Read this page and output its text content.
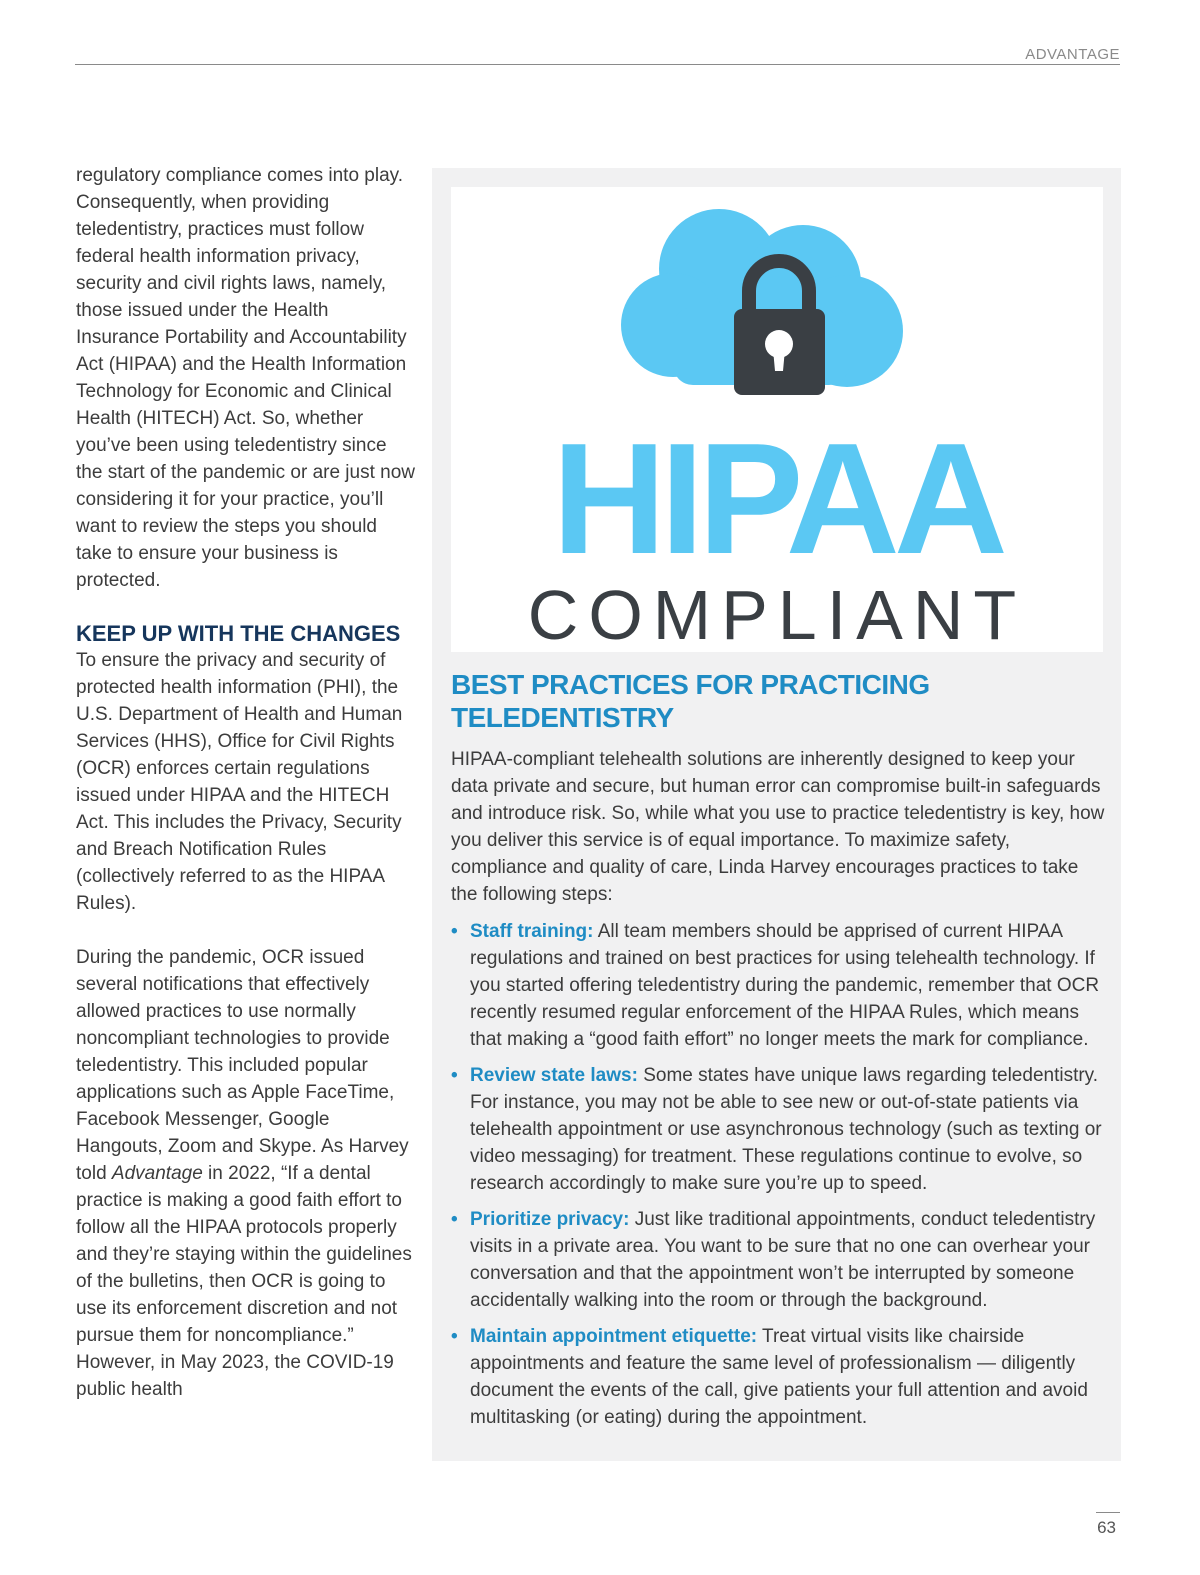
ADVANTAGE

regulatory compliance comes into play. Consequently, when providing teledentistry, practices must follow federal health information privacy, security and civil rights laws, namely, those issued under the Health Insurance Portability and Accountability Act (HIPAA) and the Health Information Technology for Economic and Clinical Health (HITECH) Act. So, whether you’ve been using teledentistry since the start of the pandemic or are just now considering it for your practice, you’ll want to review the steps you should take to ensure your business is protected.

KEEP UP WITH THE CHANGES

To ensure the privacy and security of protected health information (PHI), the U.S. Department of Health and Human Services (HHS), Office for Civil Rights (OCR) enforces certain regulations issued under HIPAA and the HITECH Act. This includes the Privacy, Security and Breach Notification Rules (collectively referred to as the HIPAA Rules).

During the pandemic, OCR issued several notifications that effectively allowed practices to use normally noncompliant technologies to provide teledentistry. This included popular applications such as Apple FaceTime, Facebook Messenger, Google Hangouts, Zoom and Skype. As Harvey told Advantage in 2022, “If a dental practice is making a good faith effort to follow all the HIPAA protocols properly and they’re staying within the guidelines of the bulletins, then OCR is going to use its enforcement discretion and not pursue them for noncompliance.” However, in May 2023, the COVID-19 public health

HIPAA
COMPLIANT
BEST PRACTICES FOR PRACTICING TELEDENTISTRY

HIPAA-compliant telehealth solutions are inherently designed to keep your data private and secure, but human error can compromise built-in safeguards and introduce risk. So, while what you use to practice teledentistry is key, how you deliver this service is of equal importance. To maximize safety, compliance and quality of care, Linda Harvey encourages practices to take the following steps:

• Staff training: All team members should be apprised of current HIPAA regulations and trained on best practices for using telehealth technology. If you started offering teledentistry during the pandemic, remember that OCR recently resumed regular enforcement of the HIPAA Rules, which means that making a “good faith effort” no longer meets the mark for compliance.
• Review state laws: Some states have unique laws regarding teledentistry. For instance, you may not be able to see new or out-of-state patients via telehealth appointment or use asynchronous technology (such as texting or video messaging) for treatment. These regulations continue to evolve, so research accordingly to make sure you’re up to speed.
• Prioritize privacy: Just like traditional appointments, conduct teledentistry visits in a private area. You want to be sure that no one can overhear your conversation and that the appointment won’t be interrupted by someone accidentally walking into the room or through the background.
• Maintain appointment etiquette: Treat virtual visits like chairside appointments and feature the same level of professionalism — diligently document the events of the call, give patients your full attention and avoid multitasking (or eating) during the appointment.
63
